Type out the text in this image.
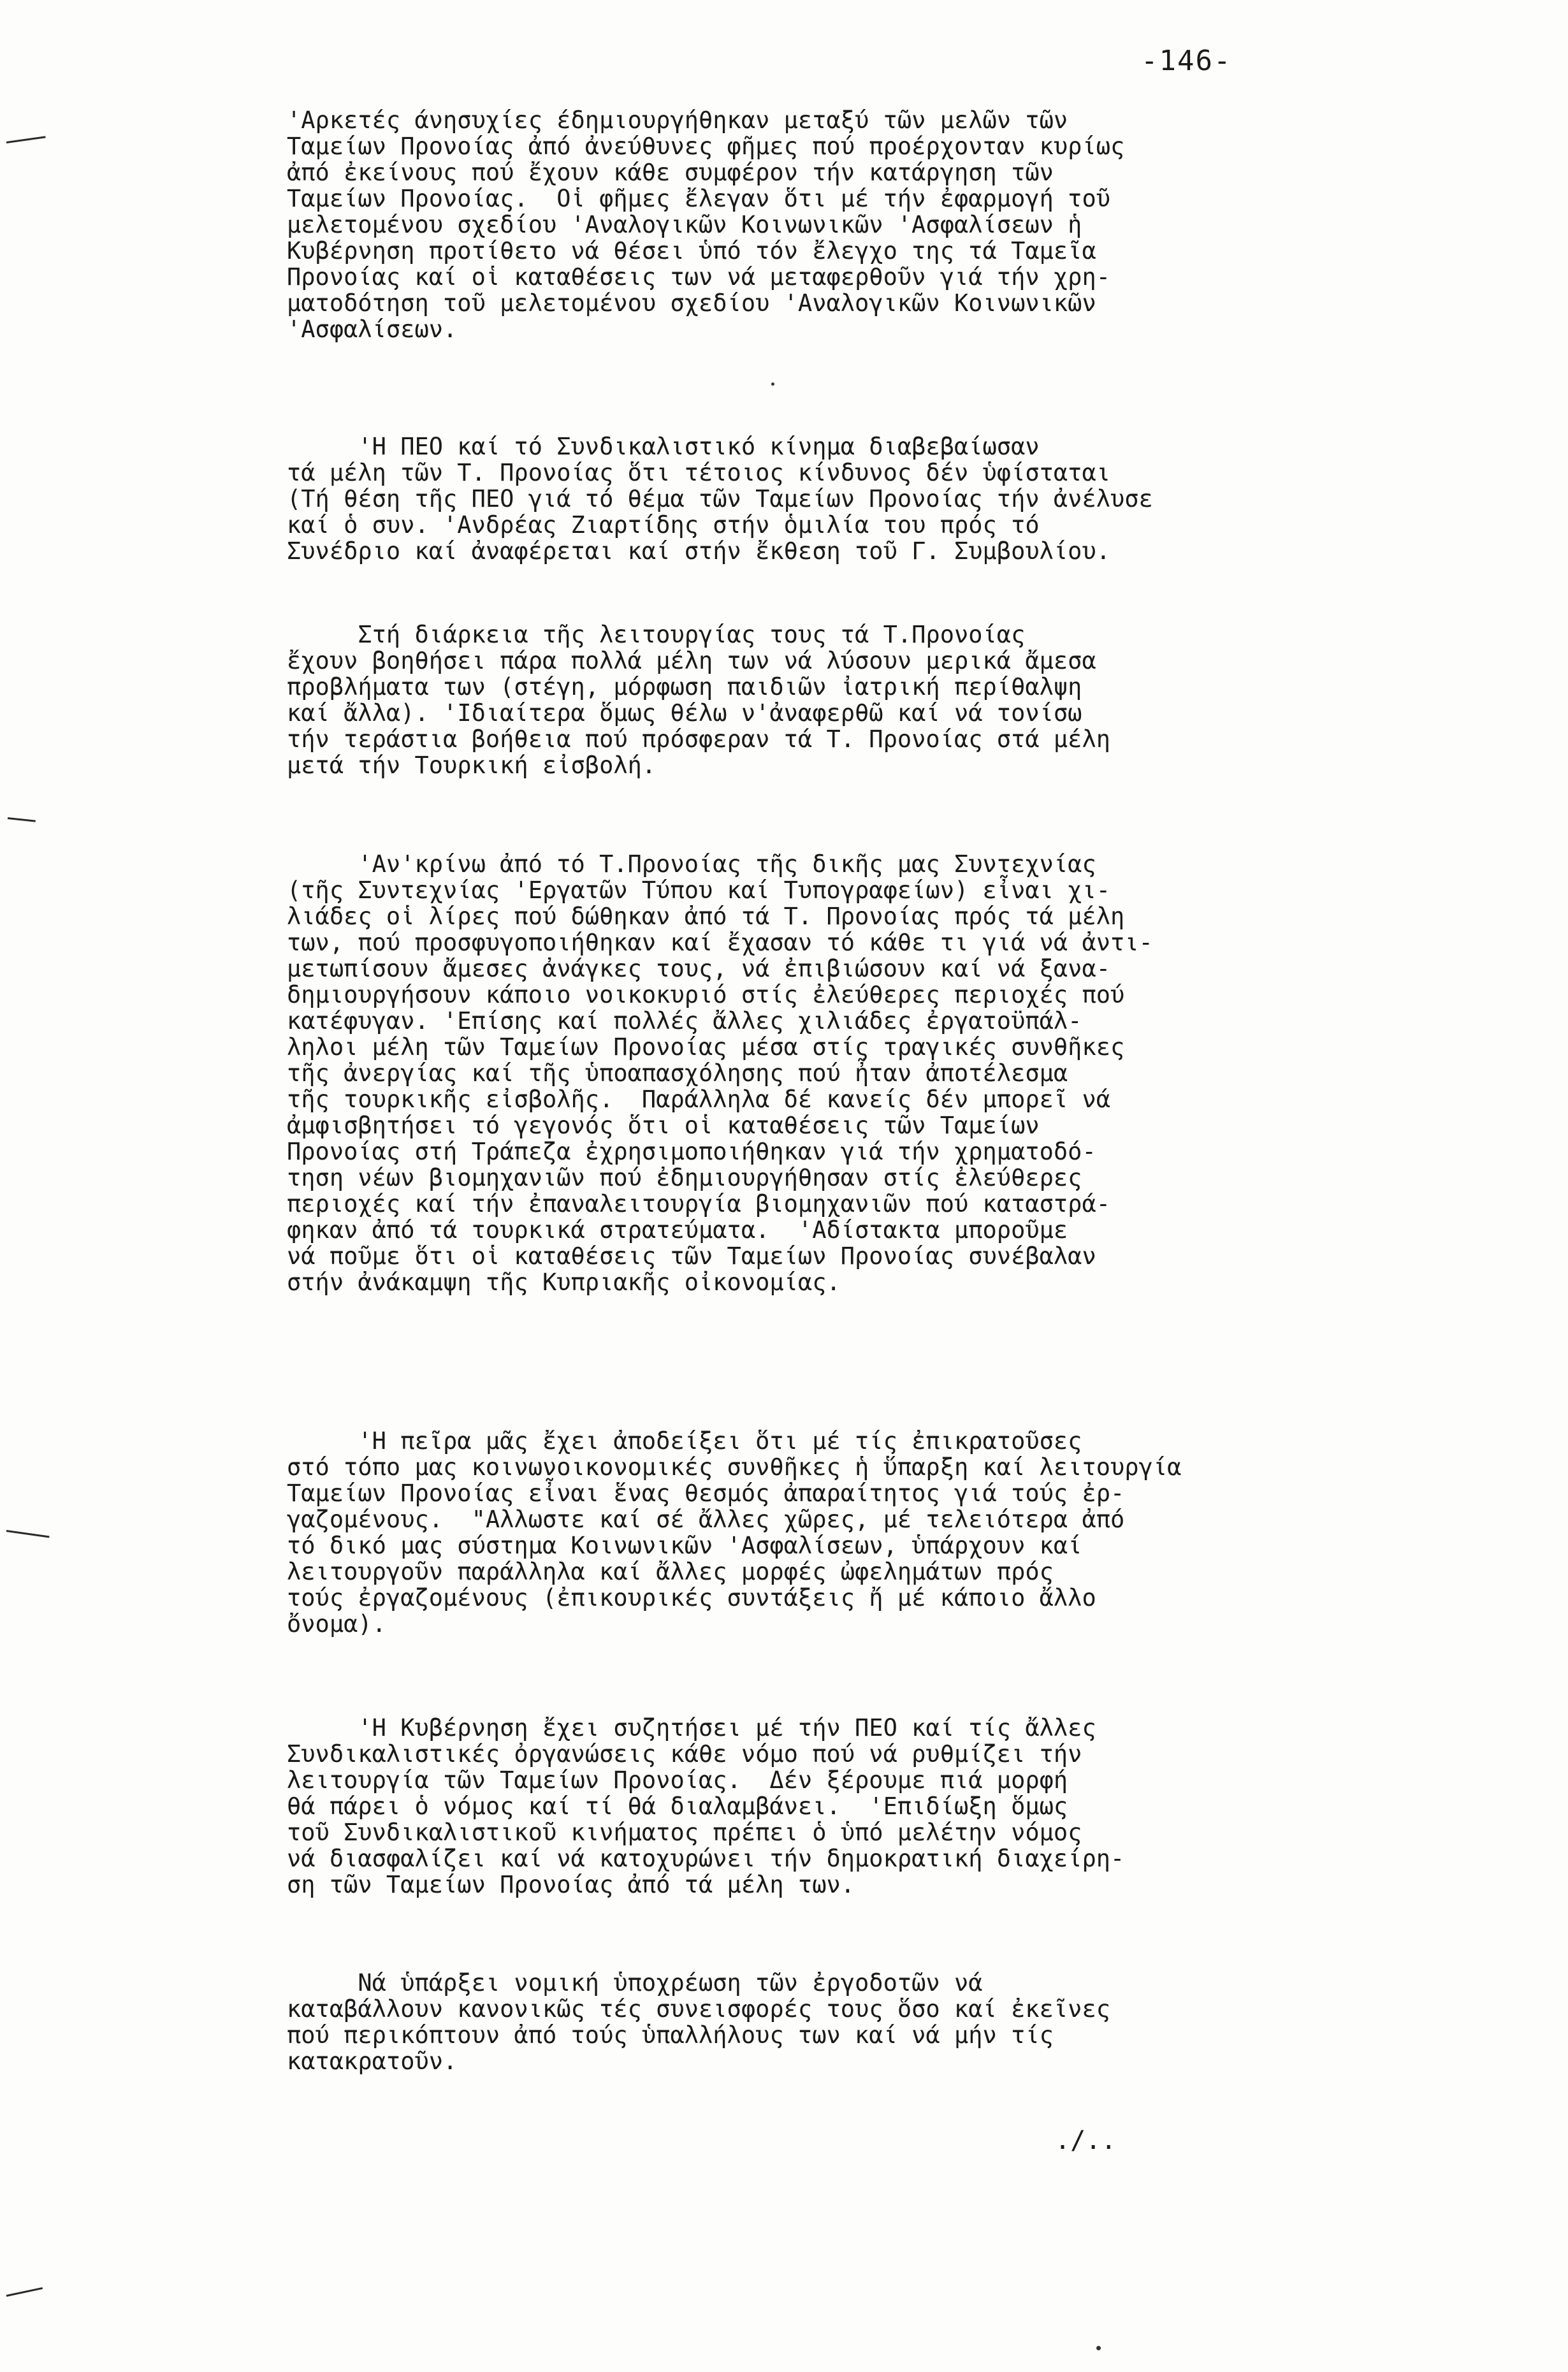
-146-
'Αρκετές άνησυχίες έδημιουργήθηκαν μεταξύ τῶν μελῶν τῶν
Ταμείων Προνοίας ἀπό ἀνεύθυνες φῆμες πού προέρχονταν κυρίως
ἀπό ἐκείνους πού ἔχουν κάθε συμφέρον τήν κατάργηση τῶν
Ταμείων Προνοίας.  Οἱ φῆμες ἔλεγαν ὅτι μέ τήν ἐφαρμογή τοῦ
μελετομένου σχεδίου 'Αναλογικῶν Κοινωνικῶν 'Ασφαλίσεων ἡ
Κυβέρνηση προτίθετο νά θέσει ὑπό τόν ἔλεγχο της τά Ταμεῖα
Προνοίας καί οἱ καταθέσεις των νά μεταφερθοῦν γιά τήν χρη-
ματοδότηση τοῦ μελετομένου σχεδίου 'Αναλογικῶν Κοινωνικῶν
'Ασφαλίσεων.
'Η ΠΕΟ καί τό Συνδικαλιστικό κίνημα διαβεβαίωσαν
τά μέλη τῶν Τ. Προνοίας ὅτι τέτοιος κίνδυνος δέν ὑφίσταται
(Τή θέση τῆς ΠΕΟ γιά τό θέμα τῶν Ταμείων Προνοίας τήν ἀνέλυσε
καί ὁ συν. 'Ανδρέας Ζιαρτίδης στήν ὁμιλία του πρός τό
Συνέδριο καί ἀναφέρεται καί στήν ἔκθεση τοῦ Γ. Συμβουλίου.
Στή διάρκεια τῆς λειτουργίας τους τά Τ.Προνοίας
ἔχουν βοηθήσει πάρα πολλά μέλη των νά λύσουν μερικά ἄμεσα
προβλήματα των (στέγη, μόρφωση παιδιῶν ἰατρική περίθαλψη
καί ἄλλα). 'Ιδιαίτερα ὅμως θέλω ν'ἀναφερθῶ καί νά τονίσω
τήν τεράστια βοήθεια πού πρόσφεραν τά Τ. Προνοίας στά μέλη
μετά τήν Τουρκική εἰσβολή.
'Αν'κρίνω ἀπό τό Τ.Προνοίας τῆς δικῆς μας Συντεχνίας
(τῆς Συντεχνίας 'Εργατῶν Τύπου καί Τυπογραφείων) εἶναι χι-
λιάδες οἱ λίρες πού δώθηκαν ἀπό τά Τ. Προνοίας πρός τά μέλη
των, πού προσφυγοποιήθηκαν καί ἔχασαν τό κάθε τι γιά νά ἀντι-
μετωπίσουν ἄμεσες ἀνάγκες τους, νά ἐπιβιώσουν καί νά ξανα-
δημιουργήσουν κάποιο νοικοκυριό στίς ἐλεύθερες περιοχές πού
κατέφυγαν. 'Επίσης καί πολλές ἄλλες χιλιάδες ἐργατοϋπάλ-
ληλοι μέλη τῶν Ταμείων Προνοίας μέσα στίς τραγικές συνθῆκες
τῆς ἀνεργίας καί τῆς ὑποαπασχόλησης πού ἦταν ἀποτέλεσμα
τῆς τουρκικῆς εἰσβολῆς.  Παράλληλα δέ κανείς δέν μπορεῖ νά
ἀμφισβητήσει τό γεγονός ὅτι οἱ καταθέσεις τῶν Ταμείων
Προνοίας στή Τράπεζα ἐχρησιμοποιήθηκαν γιά τήν χρηματοδό-
τηση νέων βιομηχανιῶν πού ἐδημιουργήθησαν στίς ἐλεύθερες
περιοχές καί τήν ἐπαναλειτουργία βιομηχανιῶν πού καταστρά-
φηκαν ἀπό τά τουρκικά στρατεύματα.  'Αδίστακτα μποροῦμε
νά ποῦμε ὅτι οἱ καταθέσεις τῶν Ταμείων Προνοίας συνέβαλαν
στήν ἀνάκαμψη τῆς Κυπριακῆς οἰκονομίας.
'Η πεῖρα μᾶς ἔχει ἀποδείξει ὅτι μέ τίς ἐπικρατοῦσες
στό τόπο μας κοινωνοικονομικές συνθῆκες ἡ ὕπαρξη καί λειτουργία
Ταμείων Προνοίας εἶναι ἕνας θεσμός ἀπαραίτητος γιά τούς ἐρ-
γαζομένους.  "Αλλωστε καί σέ ἄλλες χῶρες, μέ τελειότερα ἀπό
τό δικό μας σύστημα Κοινωνικῶν 'Ασφαλίσεων, ὑπάρχουν καί
λειτουργοῦν παράλληλα καί ἄλλες μορφές ὠφελημάτων πρός
τούς ἐργαζομένους (ἐπικουρικές συντάξεις ἤ μέ κάποιο ἄλλο
ὄνομα).
'Η Κυβέρνηση ἔχει συζητήσει μέ τήν ΠΕΟ καί τίς ἄλλες
Συνδικαλιστικές ὀργανώσεις κάθε νόμο πού νά ρυθμίζει τήν
λειτουργία τῶν Ταμείων Προνοίας.  Δέν ξέρουμε πιά μορφή
θά πάρει ὁ νόμος καί τί θά διαλαμβάνει.  'Επιδίωξη ὅμως
τοῦ Συνδικαλιστικοῦ κινήματος πρέπει ὁ ὑπό μελέτην νόμος
νά διασφαλίζει καί νά κατοχυρώνει τήν δημοκρατική διαχείρη-
ση τῶν Ταμείων Προνοίας ἀπό τά μέλη των.
Νά ὑπάρξει νομική ὑποχρέωση τῶν ἐργοδοτῶν νά
καταβάλλουν κανονικῶς τές συνεισφορές τους ὅσο καί ἐκεῖνες
πού περικόπτουν ἀπό τούς ὑπαλλήλους των καί νά μήν τίς
κατακρατοῦν.
./..
